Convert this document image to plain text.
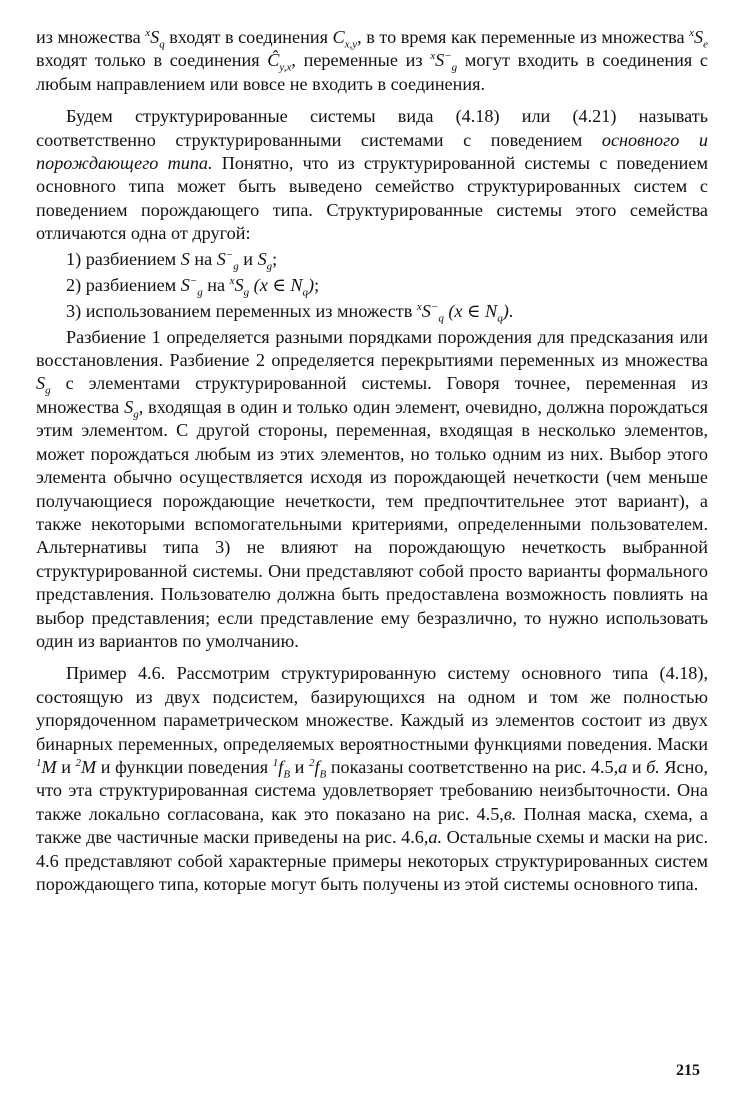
из множества $^xS_q$ входят в соединения $C_{x,y}$, в то время как переменные из множества $^xS_e$ входят только в соединения $Ĉ_{y,x}$, переменные из $^xS^-_g$ могут входить в соединения с любым направлением или вовсе не входить в соединения.

Будем структурированные системы вида (4.18) или (4.21) называть соответственно структурированными системами с поведением основного и порождающего типа. Понятно, что из структурированной системы с поведением основного типа может быть выведено семейство структурированных систем с поведением порождающего типа. Структурированные системы этого семейства отличаются одна от другой:

1) разбиением S на $S^-_g$ и $S_g$;

2) разбиением $S^-_g$ на $^xS_g$ (x ∈ $N_q$);

3) использованием переменных из множеств $^xS^-_q$ (x ∈ $N_q$).

Разбиение 1 определяется разными порядками порождения для предсказания или восстановления. Разбиение 2 определяется перекрытиями переменных из множества $S_g$ с элементами структурированной системы. Говоря точнее, переменная из множества $S_g$, входящая в один и только один элемент, очевидно, должна порождаться этим элементом. С другой стороны, переменная, входящая в несколько элементов, может порождаться любым из этих элементов, но только одним из них. Выбор этого элемента обычно осуществляется исходя из порождающей нечеткости (чем меньше получающиеся порождающие нечеткости, тем предпочтительнее этот вариант), а также некоторыми вспомогательными критериями, определенными пользователем. Альтернативы типа 3) не влияют на порождающую нечеткость выбранной структурированной системы. Они представляют собой просто варианты формального представления. Пользователю должна быть предоставлена возможность повлиять на выбор представления; если представление ему безразлично, то нужно использовать один из вариантов по умолчанию.

Пример 4.6. Рассмотрим структурированную систему основного типа (4.18), состоящую из двух подсистем, базирующихся на одном и том же полностью упорядоченном параметрическом множестве. Каждый из элементов состоит из двух бинарных переменных, определяемых вероятностными функциями поведения. Маски $^1$M и $^2$M и функции поведения $^1f_B$ и $^2f_B$ показаны соответственно на рис. 4.5,а и б. Ясно, что эта структурированная система удовлетворяет требованию неизбыточности. Она также локально согласована, как это показано на рис. 4.5,в. Полная маска, схема, а также две частичные маски приведены на рис. 4.6,а. Остальные схемы и маски на рис. 4.6 представляют собой характерные примеры некоторых структурированных систем порождающего типа, которые могут быть получены из этой системы основного типа.

215
